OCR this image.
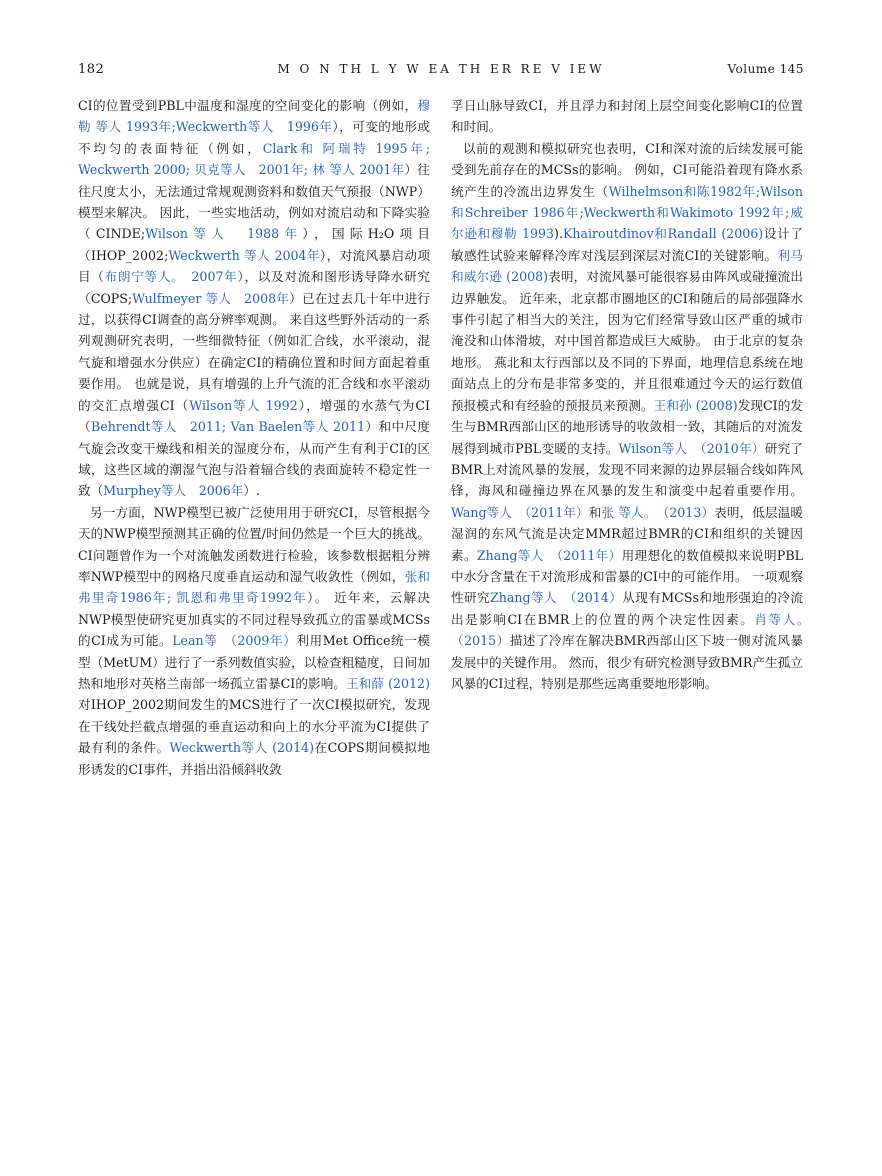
182	M O N TH L Y W EA TH ER RE V IEW	Volume 145

CI的位置受到PBL中温度和湿度的空间变化的影响（例如，穆勒 等人 1993年;Weckwerth等人　1996年），可变的地形或不均匀的表面特征（例如，Clark和 阿瑞特 1995年; Weckwerth 2000; 贝克等人　2001年; 林 等人 2001年）往往尺度太小，无法通过常规观测资料和数值天气预报（NWP）模型来解决。 因此，一些实地活动，例如对流启动和下降实验（CINDE;Wilson等人　1988年），国际H₂O项目（IHOP_2002;Weckwerth 等人 2004年），对流风暴启动项目（布朗宁等人。　2007年），以及对流和图形诱导降水研究（COPS;Wulfmeyer 等人　2008年）已在过去几十年中进行过，以获得CI调查的高分辨率观测。 来自这些野外活动的一系列观测研究表明，一些细微特征（例如汇合线，水平滚动，混气旋和增强水分供应）在确定CI的精确位置和时间方面起着重要作用。 也就是说，具有增强的上升气流的汇合线和水平滚动的交汇点增强CI（Wilson等人 1992），增强的水蒸气为CI（Behrendt等人　2011; Van Baelen等人 2011）和中尺度气旋会改变干燥线和相关的湿度分布，从而产生有利于CI的区域，这些区域的潮湿气泡与沿着辐合线的表面旋转不稳定性一致（Murphey等人　2006年）.

另一方面，NWP模型已被广泛使用用于研究CI，尽管根据今天的NWP模型预测其正确的位置/时间仍然是一个巨大的挑战。CI问题曾作为一个对流触发函数进行检验，该参数根据粗分辨率NWP模型中的网格尺度垂直运动和湿气收敛性（例如，张和弗里奇1986年; 凯恩和弗里奇1992年）。 近年来，云解决NWP模型使研究更加真实的不同过程导致孤立的雷暴或MCSs的CI成为可能。Lean等　（2009年）利用Met Office统一模型（MetUM）进行了一系列数值实验，以检查粗糙度，日间加热和地形对英格兰南部一场孤立雷暴CI的影响。王和薛 (2012)对IHOP_2002期间发生的MCS进行了一次CI模拟研究，发现在干线处拦截点增强的垂直运动和向上的水分平流为CI提供了最有利的条件。Weckwerth等人 (2014)在COPS期间模拟地形诱发的CI事件，并指出沿倾斜收敛

孚日山脉导致CI，并且浮力和封闭上层空间变化影响CI的位置和时间。

以前的观测和模拟研究也表明，CI和深对流的后续发展可能受到先前存在的MCSs的影响。 例如，CI可能沿着现有降水系统产生的冷流出边界发生（Wilhelmson和陈1982年;Wilson和Schreiber 1986年;Weckwerth和Wakimoto 1992年;威尔逊和穆勒 1993).Khairoutdinov和Randall (2006)设计了敏感性试验来解释冷库对浅层到深层对流CI的关键影响。利马和威尔逊 (2008)表明，对流风暴可能很容易由阵风或碰撞流出边界触发。 近年来，北京都市圈地区的CI和随后的局部强降水事件引起了相当大的关注，因为它们经常导致山区严重的城市淹没和山体滑坡，对中国首都造成巨大威胁。 由于北京的复杂地形。 燕北和太行西部以及不同的下界面，地理信息系统在地面站点上的分布是非常多变的，并且很难通过今天的运行数值预报模式和有经验的预报员来预测。王和孙 (2008)发现CI的发生与BMR西部山区的地形诱导的收敛相一致，其随后的对流发展得到城市PBL变暖的支持。Wilson等人　（2010年）研究了BMR上对流风暴的发展，发现不同来源的边界层辐合线如阵风锋，海风和碰撞边界在风暴的发生和演变中起着重要作用。Wang等人　（2011年）和张 等人。　（2013）表明，低层温暖湿润的东风气流是决定MMR超过BMR的CI和组织的关键因素。Zhang等人　（2011年）用理想化的数值模拟来说明PBL中水分含量在干对流形成和雷暴的CI中的可能作用。 一项观察性研究Zhang等人　（2014）从现有MCSs和地形强迫的冷流出是影响CI在BMR上的位置的两个决定性因素。肖等人。　（2015）描述了冷库在解决BMR西部山区下坡一侧对流风暴发展中的关键作用。 然而，很少有研究检测导致BMR产生孤立风暴的CI过程，特别是那些远离重要地形影响。
